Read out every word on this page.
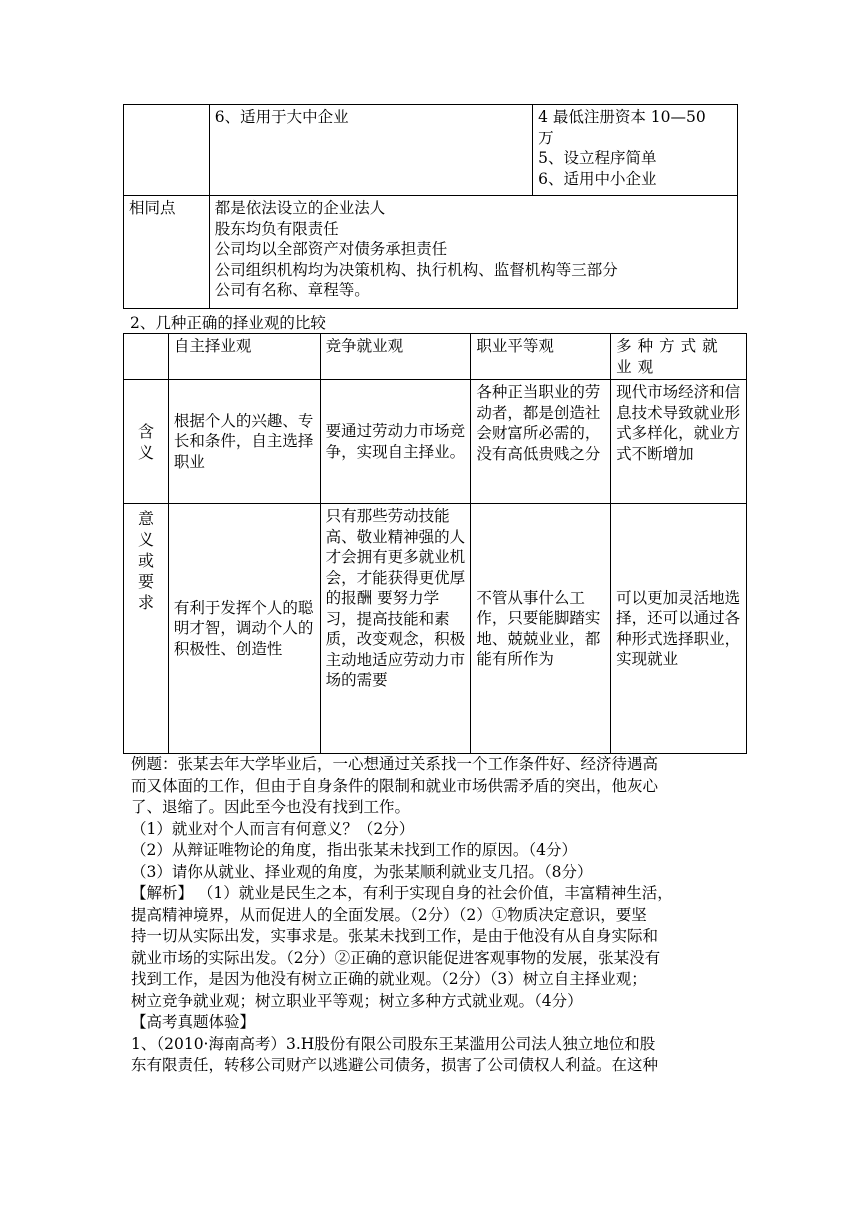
	6、适用于大中企业	4 最低注册资本 10—50
万
5、设立程序简单
6、适用中小企业

相同点	都是依法设立的企业法人
股东均负有限责任
公司均以全部资产对债务承担责任
公司组织机构均为决策机构、执行机构、监督机构等三部分
公司有名称、章程等。	
2、几种正确的择业观的比较

	自主择业观	竞争就业观	职业平等观	多种方式就业观

含
义	根据个人的兴趣、专长和条件，自主选择职业	要通过劳动力市场竞争，实现自主择业。	各种正当职业的劳动者，都是创造社会财富所必需的，没有高低贵贱之分	现代市场经济和信息技术导致就业形式多样化，就业方式不断增加

意
义
或
要
求	有利于发挥个人的聪明才智，调动个人的积极性、创造性	只有那些劳动技能高、敬业精神强的人才会拥有更多就业机会，才能获得更优厚的报酬 要努力学习，提高技能和素质，改变观念，积极主动地适应劳动力市场的需要	不管从事什么工作，只要能脚踏实地、兢兢业业，都能有所作为	可以更加灵活地选择，还可以通过各种形式选择职业，实现就业

例题：张某去年大学毕业后，一心想通过关系找一个工作条件好、经济待遇高

而又体面的工作，但由于自身条件的限制和就业市场供需矛盾的突出，他灰心

了、退缩了。因此至今也没有找到工作。

（1）就业对个人而言有何意义？（2分）

（2）从辩证唯物论的角度，指出张某未找到工作的原因。（4分）

（3）请你从就业、择业观的角度，为张某顺利就业支几招。（8分）

【解析】 （1）就业是民生之本，有利于实现自身的社会价值，丰富精神生活，

提高精神境界，从而促进人的全面发展。（2分）（2）①物质决定意识，要坚

持一切从实际出发，实事求是。张某未找到工作，是由于他没有从自身实际和

就业市场的实际出发。（2分）②正确的意识能促进客观事物的发展，张某没有

找到工作，是因为他没有树立正确的就业观。（2分）（3）树立自主择业观；

树立竞争就业观；树立职业平等观；树立多种方式就业观。（4分）

【高考真题体验】

1、（2010·海南高考）3.H股份有限公司股东王某滥用公司法人独立地位和股

东有限责任，转移公司财产以逃避公司债务，损害了公司债权人利益。在这种
